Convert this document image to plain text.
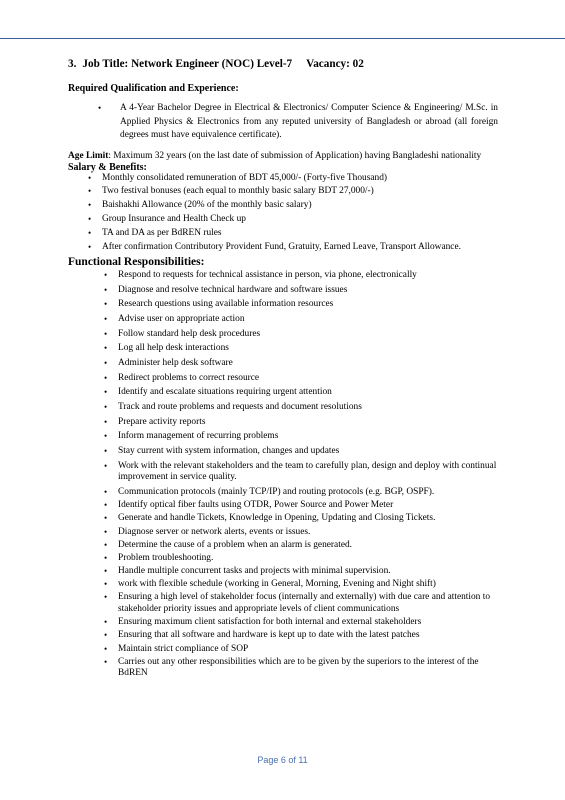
3. Job Title: Network Engineer (NOC) Level-7 Vacancy: 02
Required Qualification and Experience:
• A 4-Year Bachelor Degree in Electrical & Electronics/ Computer Science & Engineering/ M.Sc. in Applied Physics & Electronics from any reputed university of Bangladesh or abroad (all foreign degrees must have equivalence certificate).

Age Limit: Maximum 32 years (on the last date of submission of Application) having Bangladeshi nationality

Salary & Benefits:
• Monthly consolidated remuneration of BDT 45,000/- (Forty-five Thousand)
• Two festival bonuses (each equal to monthly basic salary BDT 27,000/-)
• Baishakhi Allowance (20% of the monthly basic salary)
• Group Insurance and Health Check up
• TA and DA as per BdREN rules
• After confirmation Contributory Provident Fund, Gratuity, Earned Leave, Transport Allowance.
Functional Responsibilities:
• Respond to requests for technical assistance in person, via phone, electronically
• Diagnose and resolve technical hardware and software issues
• Research questions using available information resources
• Advise user on appropriate action
• Follow standard help desk procedures
• Log all help desk interactions
• Administer help desk software
• Redirect problems to correct resource
• Identify and escalate situations requiring urgent attention
• Track and route problems and requests and document resolutions
• Prepare activity reports
• Inform management of recurring problems
• Stay current with system information, changes and updates
• Work with the relevant stakeholders and the team to carefully plan, design and deploy with continual improvement in service quality.
• Communication protocols (mainly TCP/IP) and routing protocols (e.g. BGP, OSPF).
• Identify optical fiber faults using OTDR, Power Source and Power Meter
• Generate and handle Tickets, Knowledge in Opening, Updating and Closing Tickets.
• Diagnose server or network alerts, events or issues.
• Determine the cause of a problem when an alarm is generated.
• Problem troubleshooting.
• Handle multiple concurrent tasks and projects with minimal supervision.
• work with flexible schedule (working in General, Morning, Evening and Night shift)
• Ensuring a high level of stakeholder focus (internally and externally) with due care and attention to stakeholder priority issues and appropriate levels of client communications
• Ensuring maximum client satisfaction for both internal and external stakeholders
• Ensuring that all software and hardware is kept up to date with the latest patches
• Maintain strict compliance of SOP
• Carries out any other responsibilities which are to be given by the superiors to the interest of the BdREN
Page 6 of 11
